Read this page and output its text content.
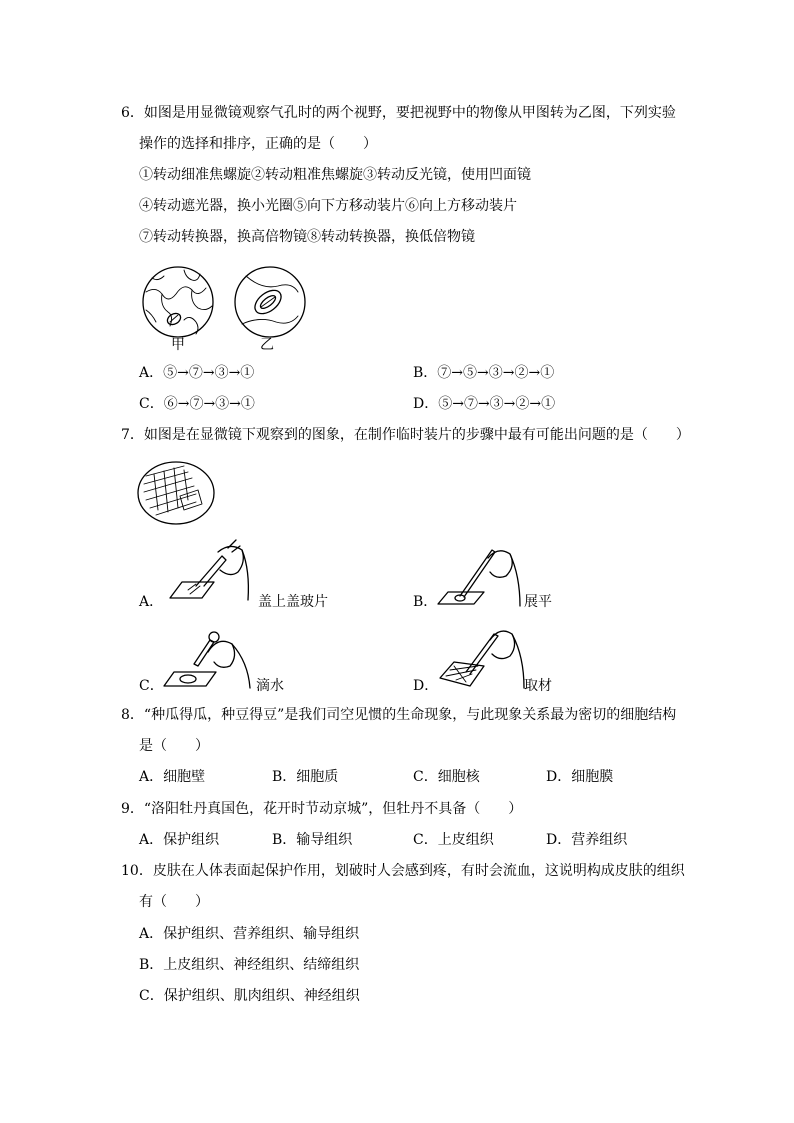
6．如图是用显微镜观察气孔时的两个视野，要把视野中的物像从甲图转为乙图，下列实验
操作的选择和排序，正确的是（　　）
①转动细准焦螺旋②转动粗准焦螺旋③转动反光镜，使用凹面镜
④转动遮光器，换小光圈⑤向下方移动装片⑥向上方移动装片
⑦转动转换器，换高倍物镜⑧转动转换器，换低倍物镜
甲	乙
A．⑤→⑦→③→①	B．⑦→⑤→③→②→①
C．⑥→⑦→③→①	D．⑤→⑦→③→②→①
7．如图是在显微镜下观察到的图象，在制作临时装片的步骤中最有可能出问题的是（　　）
A．	盖上盖玻片	B．	展平
C．	滴水	D．	取材
8．“种瓜得瓜，种豆得豆”是我们司空见惯的生命现象，与此现象关系最为密切的细胞结构
是（　　）
A．细胞壁	B．细胞质	C．细胞核	D．细胞膜
9．“洛阳牡丹真国色，花开时节动京城”，但牡丹不具备（　　）
A．保护组织	B．输导组织	C．上皮组织	D．营养组织
10．皮肤在人体表面起保护作用，划破时人会感到疼，有时会流血，这说明构成皮肤的组织
有（　　）
A．保护组织、营养组织、输导组织
B．上皮组织、神经组织、结缔组织
C．保护组织、肌肉组织、神经组织
